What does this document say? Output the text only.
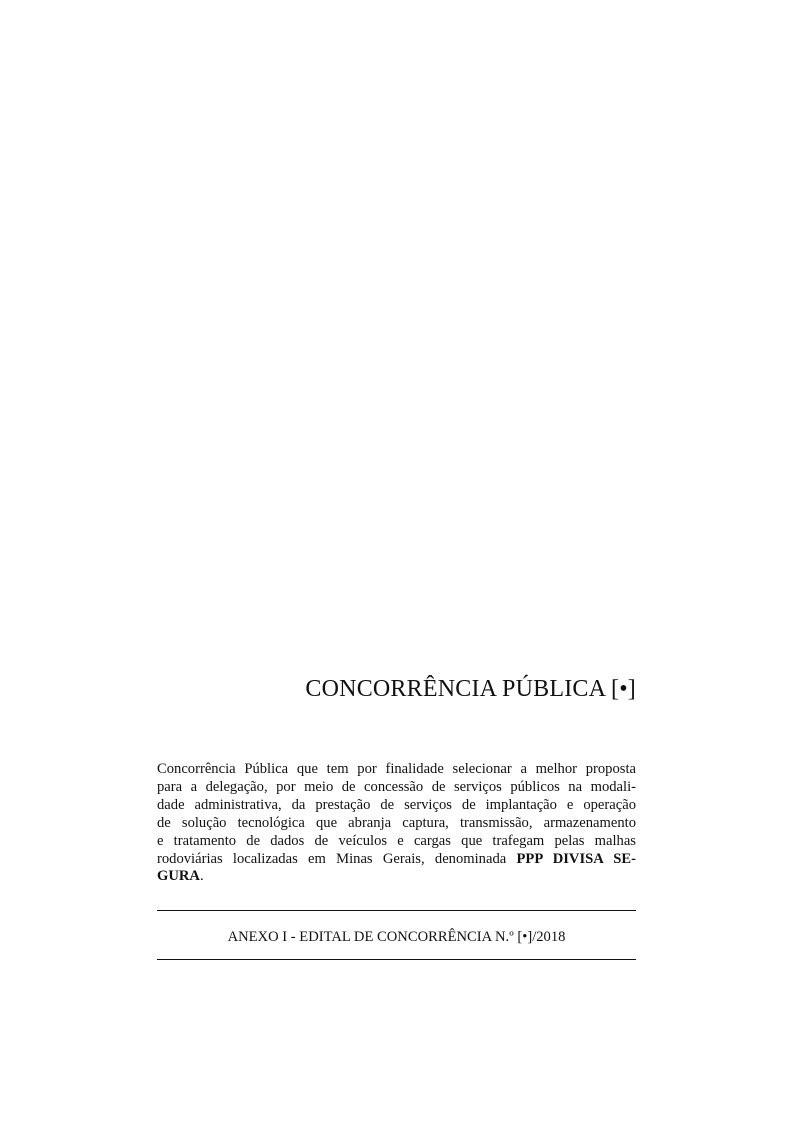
CONCORRÊNCIA PÚBLICA [•]
Concorrência Pública que tem por finalidade selecionar a melhor proposta
para a delegação, por meio de concessão de serviços públicos na modali-
dade administrativa, da prestação de serviços de implantação e operação
de solução tecnológica que abranja captura, transmissão, armazenamento
e tratamento de dados de veículos e cargas que trafegam pelas malhas
rodoviárias localizadas em Minas Gerais, denominada PPP DIVISA SE-
GURA.
ANEXO I - EDITAL DE CONCORRÊNCIA N.º [•]/2018
